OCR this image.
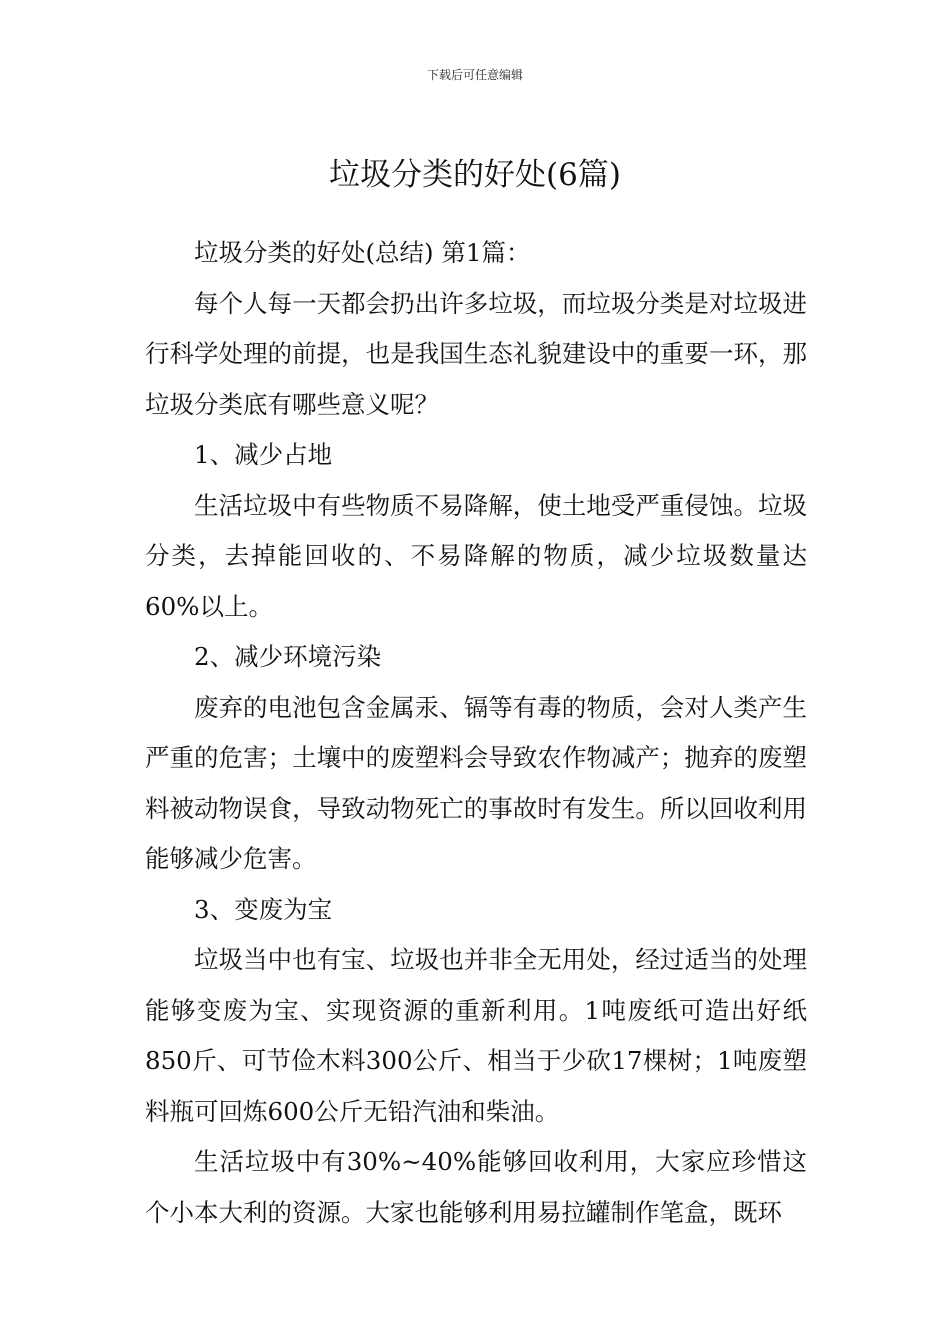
下载后可任意编辑
垃圾分类的好处(6篇)

垃圾分类的好处(总结) 第1篇：

每个人每一天都会扔出许多垃圾，而垃圾分类是对垃圾进行科学处理的前提，也是我国生态礼貌建设中的重要一环，那垃圾分类底有哪些意义呢？

1、减少占地

生活垃圾中有些物质不易降解，使土地受严重侵蚀。垃圾分类，去掉能回收的、不易降解的物质，减少垃圾数量达60%以上。

2、减少环境污染

废弃的电池包含金属汞、镉等有毒的物质，会对人类产生严重的危害；土壤中的废塑料会导致农作物减产；抛弃的废塑料被动物误食，导致动物死亡的事故时有发生。所以回收利用能够减少危害。

3、变废为宝

垃圾当中也有宝、垃圾也并非全无用处，经过适当的处理能够变废为宝、实现资源的重新利用。1吨废纸可造出好纸850斤、可节俭木料300公斤、相当于少砍17棵树；1吨废塑料瓶可回炼600公斤无铅汽油和柴油。

生活垃圾中有30%~40%能够回收利用，大家应珍惜这个小本大利的资源。大家也能够利用易拉罐制作笔盒，既环
